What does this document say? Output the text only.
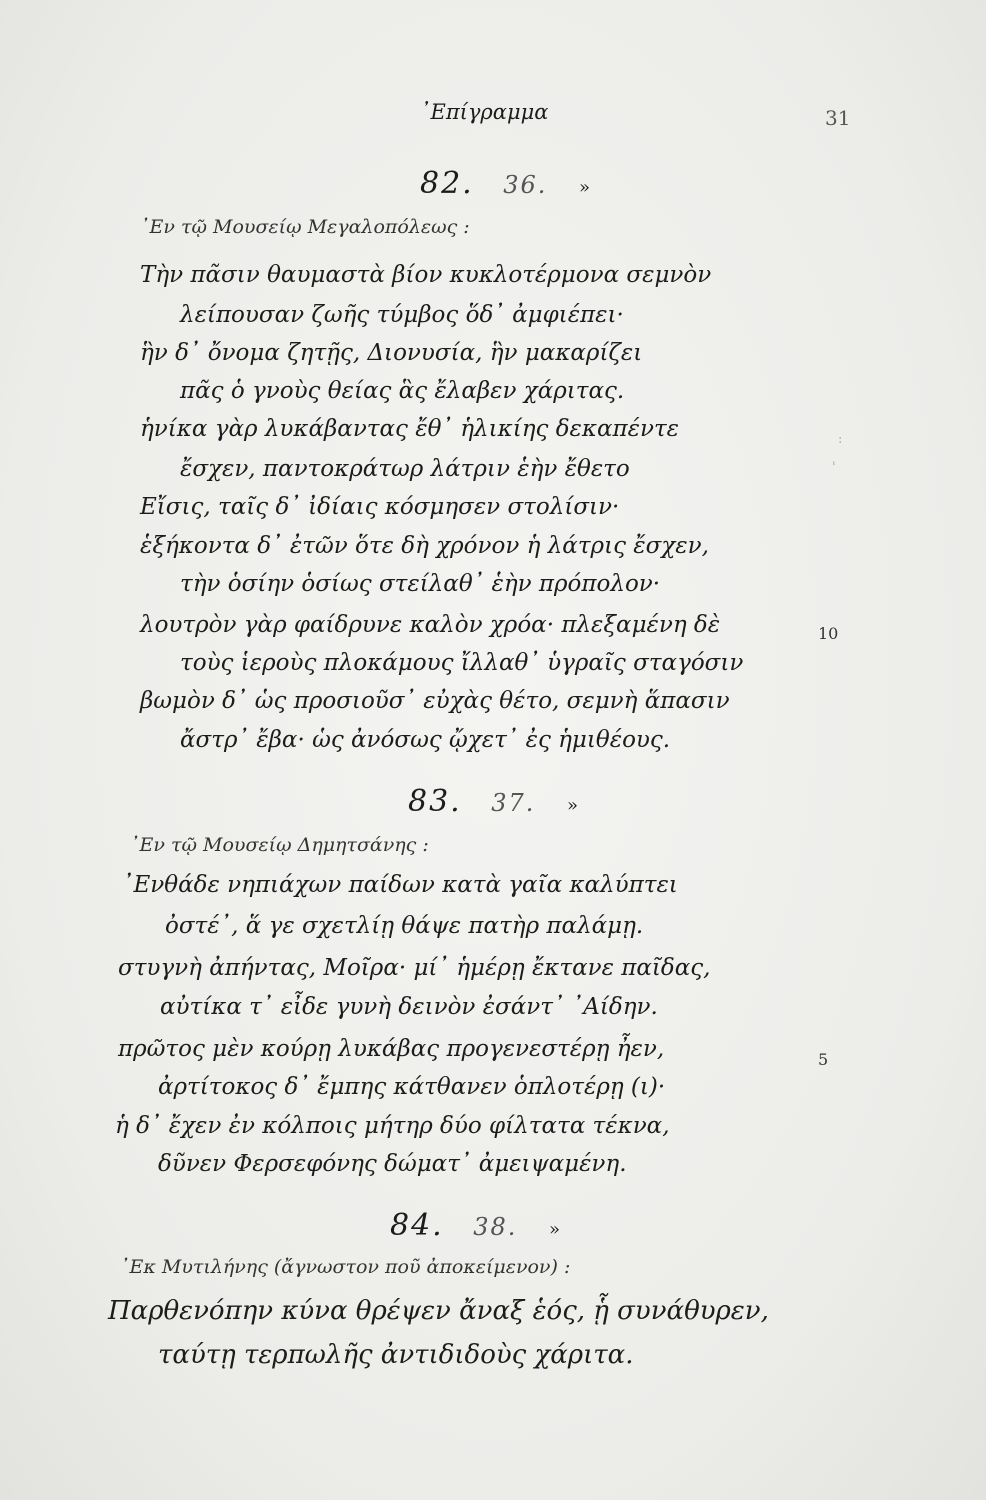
᾿Επίγραμμα	31
82. 36. »
᾿Εν τῷ Μουσείῳ Μεγαλοπόλεως :
Τὴν πᾶσιν θαυμαστὰ βίον κυκλοτέρμονα σεμνὸν
λείπουσαν ζωῆς τύμβος ὅδ᾿ ἀμφιέπει·
ἣν δ᾿ ὄνομα ζητῇς, Διονυσία, ἣν μακαρίζει
πᾶς ὁ γνοὺς θείας ἃς ἔλαβεν χάριτας.
ἡνίκα γὰρ λυκάβαντας ἔθ᾿ ἡλικίης δεκαπέντε
ἔσχεν, παντοκράτωρ λάτριν ἑὴν ἔθετο
Εἴσις, ταῖς δ᾿ ἰδίαις κόσμησεν στολίσιν·
ἑξήκοντα δ᾿ ἐτῶν ὅτε δὴ χρόνον ἡ λάτρις ἔσχεν,
τὴν ὁσίην ὁσίως στείλαθ᾿ ἑὴν πρόπολον·
λουτρὸν γὰρ φαίδρυνε καλὸν χρόα· πλεξαμένη δὲ
τοὺς ἱεροὺς πλοκάμους ἴλλαθ᾿ ὑγραῖς σταγόσιν
βωμὸν δ᾿ ὡς προσιοῦσ᾿ εὐχὰς θέτο, σεμνὴ ἅπασιν
ἄστρ᾿ ἔβα· ὡς ἀνόσως ᾤχετ᾿ ἐς ἡμιθέους.
10
:
'
83. 37. »
᾿Εν τῷ Μουσείῳ Δημητσάνης :
᾿Ενθάδε νηπιάχων παίδων κατὰ γαῖα καλύπτει
ὀστέ᾿, ἅ γε σχετλίῃ θάψε πατὴρ παλάμῃ.
στυγνὴ ἀπήντας, Μοῖρα· μί᾿ ἡμέρῃ ἔκτανε παῖδας,
αὐτίκα τ᾿ εἶδε γυνὴ δεινὸν ἐσάντ᾿ ᾿Αίδην.
πρῶτος μὲν κούρῃ λυκάβας προγενεστέρῃ ἦεν,
ἀρτίτοκος δ᾿ ἔμπης κάτθανεν ὁπλοτέρῃ (ι)·
ἡ δ᾿ ἔχεν ἐν κόλποις μήτηρ δύο φίλτατα τέκνα,
δῦνεν Φερσεφόνης δώματ᾿ ἀμειψαμένη.
5
84. 38. »
᾿Εκ Μυτιλήνης (ἄγνωστον ποῦ ἀποκείμενον) :
Παρθενόπην κύνα θρέψεν ἄναξ ἑός, ᾗ συνάθυρεν,
ταύτῃ τερπωλῆς ἀντιδιδοὺς χάριτα.
